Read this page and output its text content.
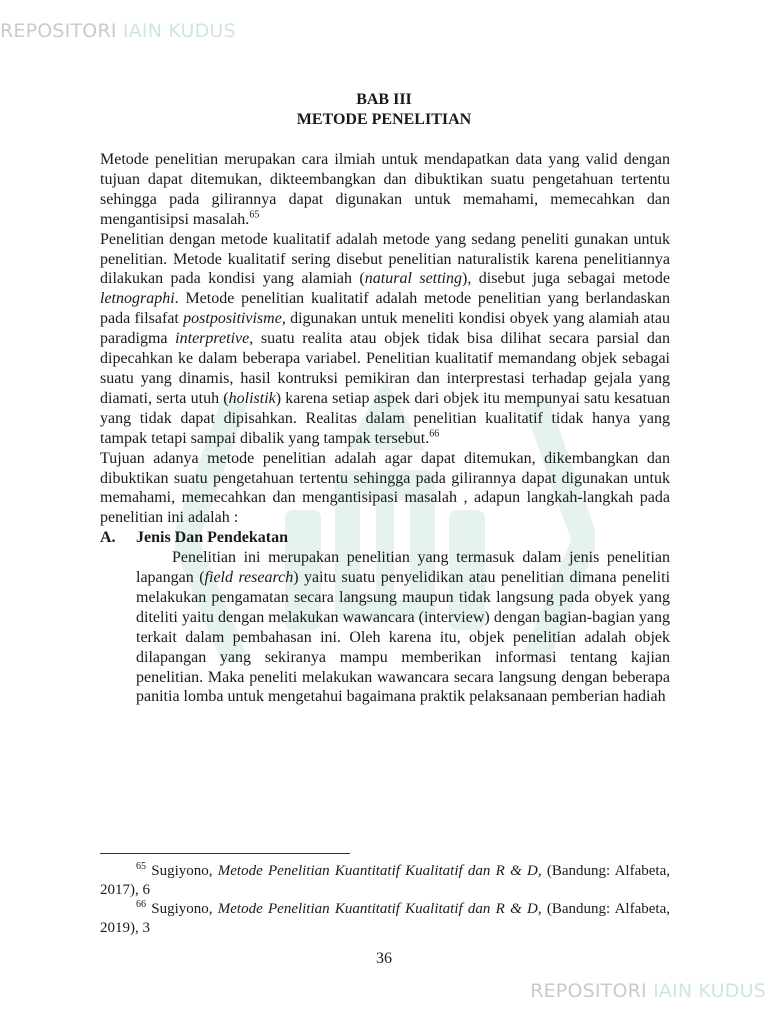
REPOSITORI IAIN KUDUS
BAB III
METODE PENELITIAN

Metode penelitian merupakan cara ilmiah untuk mendapatkan data yang valid dengan tujuan dapat ditemukan, dikteembangkan dan dibuktikan suatu pengetahuan tertentu sehingga pada gilirannya dapat digunakan untuk memahami, memecahkan dan mengantisipsi masalah.$^{65}$

Penelitian dengan metode kualitatif adalah metode yang sedang peneliti gunakan untuk penelitian. Metode kualitatif sering disebut penelitian naturalistik karena penelitiannya dilakukan pada kondisi yang alamiah (natural setting), disebut juga sebagai metode letnographi. Metode penelitian kualitatif adalah metode penelitian yang berlandaskan pada filsafat postpositivisme, digunakan untuk meneliti kondisi obyek yang alamiah atau paradigma interpretive, suatu realita atau objek tidak bisa dilihat secara parsial dan dipecahkan ke dalam beberapa variabel. Penelitian kualitatif memandang objek sebagai suatu yang dinamis, hasil kontruksi pemikiran dan interprestasi terhadap gejala yang diamati, serta utuh (holistik) karena setiap aspek dari objek itu mempunyai satu kesatuan yang tidak dapat dipisahkan. Realitas dalam penelitian kualitatif tidak hanya yang tampak tetapi sampai dibalik yang tampak tersebut.$^{66}$

Tujuan adanya metode penelitian adalah agar dapat ditemukan, dikembangkan dan dibuktikan suatu pengetahuan tertentu sehingga pada gilirannya dapat digunakan untuk memahami, memecahkan dan mengantisipasi masalah , adapun langkah-langkah pada penelitian ini adalah :

A.	Jenis Dan Pendekatan

Penelitian ini merupakan penelitian yang termasuk dalam jenis penelitian lapangan (field research) yaitu suatu penyelidikan atau penelitian dimana peneliti melakukan pengamatan secara langsung maupun tidak langsung pada obyek yang diteliti yaitu dengan melakukan wawancara (interview) dengan bagian-bagian yang terkait dalam pembahasan ini. Oleh karena itu, objek penelitian adalah objek dilapangan yang sekiranya mampu memberikan informasi tentang kajian penelitian. Maka peneliti melakukan wawancara secara langsung dengan beberapa panitia lomba untuk mengetahui bagaimana praktik pelaksanaan pemberian hadiah

$^{65}$ Sugiyono, Metode Penelitian Kuantitatif Kualitatif dan R & D, (Bandung: Alfabeta, 2017), 6

$^{66}$ Sugiyono, Metode Penelitian Kuantitatif Kualitatif dan R & D, (Bandung: Alfabeta, 2019), 3

36
REPOSITORI IAIN KUDUS
